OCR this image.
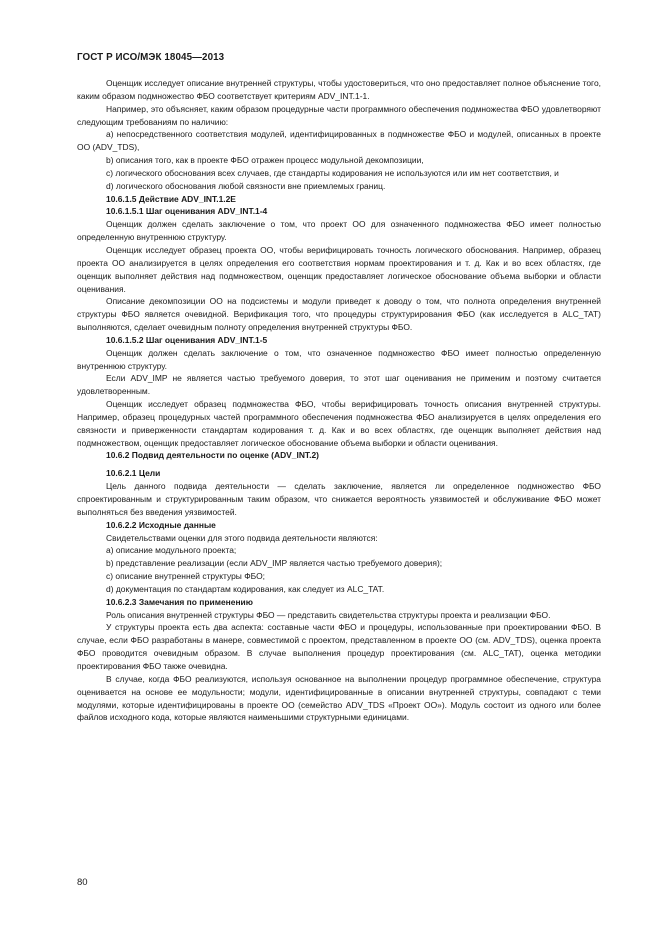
ГОСТ Р ИСО/МЭК 18045—2013

Оценщик исследует описание внутренней структуры, чтобы удостовериться, что оно предоставляет полное объяснение того, каким образом подмножество ФБО соответствует критериям ADV_INT.1-1.

Например, это объясняет, каким образом процедурные части программного обеспечения подмножества ФБО удовлетворяют следующим требованиям по наличию:

а) непосредственного соответствия модулей, идентифицированных в подмножестве ФБО и модулей, описанных в проекте ОО (ADV_TDS),

b) описания того, как в проекте ФБО отражен процесс модульной декомпозиции,

с) логического обоснования всех случаев, где стандарты кодирования не используются или им нет соответствия, и

d) логического обоснования любой связности вне приемлемых границ.

10.6.1.5 Действие ADV_INT.1.2E

10.6.1.5.1 Шаг оценивания ADV_INT.1-4

Оценщик должен сделать заключение о том, что проект ОО для означенного подмножества ФБО имеет полностью определенную внутреннюю структуру.

Оценщик исследует образец проекта ОО, чтобы верифицировать точность логического обоснования. Например, образец проекта ОО анализируется в целях определения его соответствия нормам проектирования и т. д. Как и во всех областях, где оценщик выполняет действия над подмножеством, оценщик предоставляет логическое обоснование объема выборки и области оценивания.

Описание декомпозиции ОО на подсистемы и модули приведет к доводу о том, что полнота определения внутренней структуры ФБО является очевидной. Верификация того, что процедуры структурирования ФБО (как исследуется в ALC_TAT) выполняются, сделает очевидным полноту определения внутренней структуры ФБО.

10.6.1.5.2 Шаг оценивания ADV_INT.1-5

Оценщик должен сделать заключение о том, что означенное подмножество ФБО имеет полностью определенную внутреннюю структуру.

Если ADV_IMP не является частью требуемого доверия, то этот шаг оценивания не применим и поэтому считается удовлетворенным.

Оценщик исследует образец подмножества ФБО, чтобы верифицировать точность описания внутренней структуры. Например, образец процедурных частей программного обеспечения подмножества ФБО анализируется в целях определения его связности и приверженности стандартам кодирования т. д. Как и во всех областях, где оценщик выполняет действия над подмножеством, оценщик предоставляет логическое обоснование объема выборки и области оценивания.

10.6.2 Подвид деятельности по оценке (ADV_INT.2)

10.6.2.1 Цели

Цель данного подвида деятельности — сделать заключение, является ли определенное подмножество ФБО спроектированным и структурированным таким образом, что снижается вероятность уязвимостей и обслуживание ФБО может выполняться без введения уязвимостей.

10.6.2.2 Исходные данные

Свидетельствами оценки для этого подвида деятельности являются:

а) описание модульного проекта;

b) представление реализации (если ADV_IMP является частью требуемого доверия);

с) описание внутренней структуры ФБО;

d) документация по стандартам кодирования, как следует из ALC_TAT.

10.6.2.3 Замечания по применению

Роль описания внутренней структуры ФБО — представить свидетельства структуры проекта и реализации ФБО.

У структуры проекта есть два аспекта: составные части ФБО и процедуры, использованные при проектировании ФБО. В случае, если ФБО разработаны в манере, совместимой с проектом, представленном в проекте ОО (см. ADV_TDS), оценка проекта ФБО проводится очевидным образом. В случае выполнения процедур проектирования (см. ALC_TAT), оценка методики проектирования ФБО также очевидна.

В случае, когда ФБО реализуются, используя основанное на выполнении процедур программное обеспечение, структура оценивается на основе ее модульности; модули, идентифицированные в описании внутренней структуры, совпадают с теми модулями, которые идентифицированы в проекте ОО (семейство ADV_TDS «Проект ОО»). Модуль состоит из одного или более файлов исходного кода, которые являются наименьшими структурными единицами.

80
